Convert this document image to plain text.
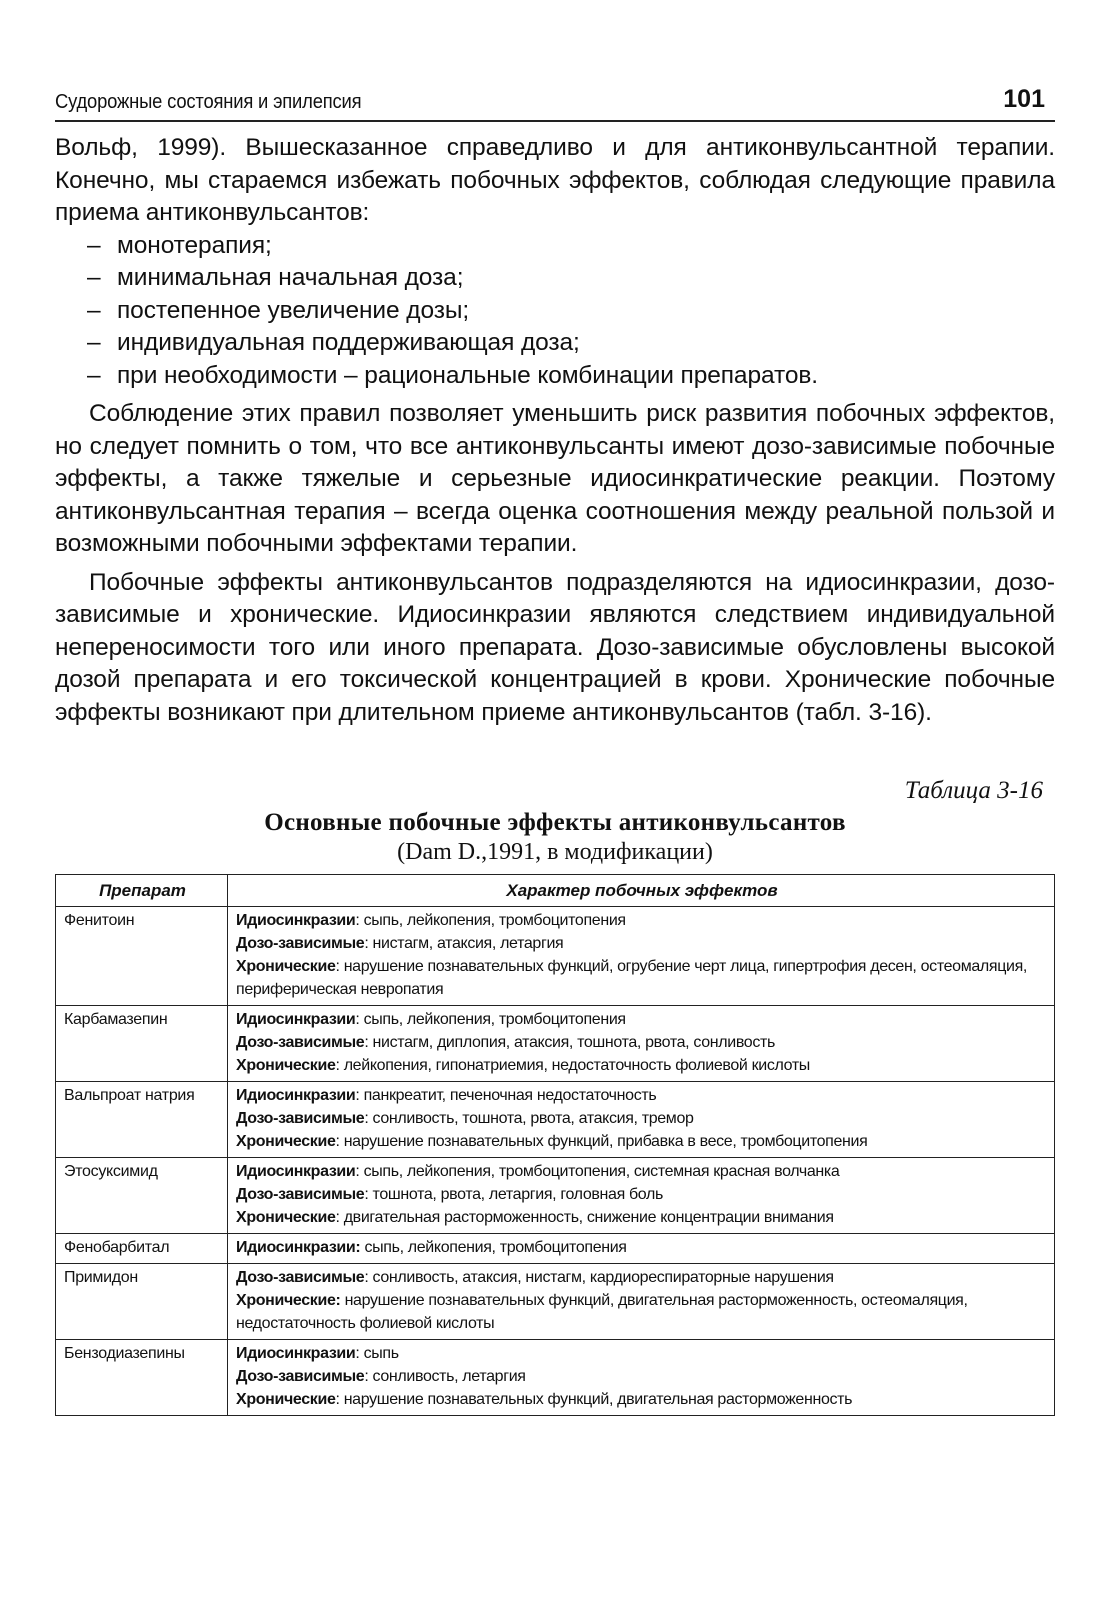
Судорожные состояния и эпилепсия	101

Вольф, 1999). Вышесказанное справедливо и для антиконвульсантной терапии. Конечно, мы стараемся избежать побочных эффектов, соблюдая следующие правила приема антиконвульсантов:

– монотерапия;
– минимальная начальная доза;
– постепенное увеличение дозы;
– индивидуальная поддерживающая доза;
– при необходимости – рациональные комбинации препаратов.

Соблюдение этих правил позволяет уменьшить риск развития побочных эффектов, но следует помнить о том, что все антиконвульсанты имеют дозо-зависимые побочные эффекты, а также тяжелые и серьезные идиосинкратические реакции. Поэтому антиконвульсантная терапия – всегда оценка соотношения между реальной пользой и возможными побочными эффектами терапии.

Побочные эффекты антиконвульсантов подразделяются на идиосинкразии, дозо-зависимые и хронические. Идиосинкразии являются следствием индивидуальной непереносимости того или иного препарата. Дозо-зависимые обусловлены высокой дозой препарата и его токсической концентрацией в крови. Хронические побочные эффекты возникают при длительном приеме антиконвульсантов (табл. 3-16).

Таблица 3-16
Основные побочные эффекты антиконвульсантов
(Dam D.,1991, в модификации)
Препарат	Характер побочных эффектов
Фенитоин	Идиосинкразии: сыпь, лейкопения, тромбоцитопения
Дозо-зависимые: нистагм, атаксия, летаргия
Хронические: нарушение познавательных функций, огрубение черт лица, гипертрофия десен, остеомаляция, периферическая невропатия

Карбамазепин	Идиосинкразии: сыпь, лейкопения, тромбоцитопения
Дозо-зависимые: нистагм, диплопия, атаксия, тошнота, рвота, сонливость
Хронические: лейкопения, гипонатриемия, недостаточность фолиевой кислоты

Вальпроат натрия	Идиосинкразии: панкреатит, печеночная недостаточность
Дозо-зависимые: сонливость, тошнота, рвота, атаксия, тремор
Хронические: нарушение познавательных функций, прибавка в весе, тромбоцитопения

Этосуксимид	Идиосинкразии: сыпь, лейкопения, тромбоцитопения, системная красная волчанка
Дозо-зависимые: тошнота, рвота, летаргия, головная боль
Хронические: двигательная расторможенность, снижение концентрации внимания

Фенобарбитал	Идиосинкразии: сыпь, лейкопения, тромбоцитопения

Примидон	Дозо-зависимые: сонливость, атаксия, нистагм, кардиореспираторные нарушения
Хронические: нарушение познавательных функций, двигательная расторможенность, остеомаляция, недостаточность фолиевой кислоты

Бензодиазепины	Идиосинкразии: сыпь
Дозо-зависимые: сонливость, летаргия
Хронические: нарушение познавательных функций, двигательная расторможенность
